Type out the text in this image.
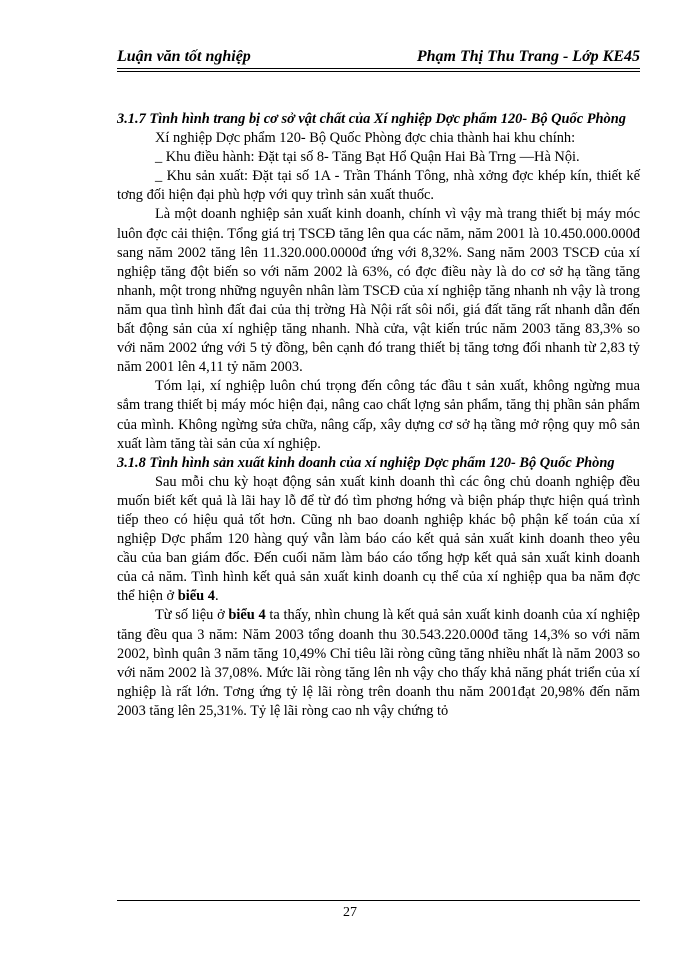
Luận văn tốt nghiệp	Phạm Thị Thu Trang - Lớp KE45
3.1.7 Tình hình trang bị cơ sở vật chất của Xí nghiệp Dợc phẩm 120- Bộ Quốc Phòng

Xí nghiệp Dợc phẩm 120- Bộ Quốc Phòng đợc chia thành hai khu chính:

_ Khu điều hành: Đặt tại số 8- Tăng Bạt Hổ Quận Hai Bà Trng —Hà Nội.

_ Khu sản xuất: Đặt tại số 1A - Trần Thánh Tông, nhà xởng đợc khép kín, thiết kế tơng đối hiện đại phù hợp với quy trình sản xuất thuốc.

Là một doanh nghiệp sản xuất kinh doanh, chính vì vậy mà trang thiết bị máy móc luôn đợc cải thiện. Tổng giá trị TSCĐ tăng lên qua các năm, năm 2001 là 10.450.000.000đ sang năm 2002 tăng lên 11.320.000.0000đ ứng với 8,32%. Sang năm 2003 TSCĐ của xí nghiệp tăng đột biến so với năm 2002 là 63%, có đợc điều này là do cơ sở hạ tầng tăng nhanh, một trong những nguyên nhân làm TSCĐ của xí nghiệp tăng nhanh nh vậy là trong năm qua tình hình đất đai của thị trờng Hà Nội rất sôi nổi, giá đất tăng rất nhanh dẫn đến bất động sản của xí nghiệp tăng nhanh. Nhà cửa, vật kiến trúc năm 2003 tăng 83,3% so với năm 2002 ứng với 5 tỷ đồng, bên cạnh đó trang thiết bị tăng tơng đối nhanh từ 2,83 tỷ năm 2001 lên 4,11 tỷ năm 2003.

Tóm lại, xí nghiệp luôn chú trọng đến công tác đầu t sản xuất, không ngừng mua sắm trang thiết bị máy móc hiện đại, nâng cao chất lợng sản phẩm, tăng thị phần sản phẩm của mình. Không ngừng sửa chữa, nâng cấp, xây dựng cơ sở hạ tầng mở rộng quy mô sản xuất làm tăng tài sản của xí nghiệp.

3.1.8 Tình hình sản xuất kinh doanh của xí nghiệp Dợc phẩm 120- Bộ Quốc Phòng

Sau mỗi chu kỳ hoạt động sản xuất kinh doanh thì các ông chủ doanh nghiệp đều muốn biết kết quả là lãi hay lỗ để từ đó tìm phơng hớng và biện pháp thực hiện quá trình tiếp theo có hiệu quả tốt hơn. Cũng nh bao doanh nghiệp khác bộ phận kế toán của xí nghiệp Dợc phẩm 120 hàng quý vẫn làm báo cáo kết quả sản xuất kinh doanh theo yêu cầu của ban giám đốc. Đến cuối năm làm báo cáo tổng hợp kết quả sản xuất kinh doanh của cả năm. Tình hình kết quả sản xuất kinh doanh cụ thể của xí nghiệp qua ba năm đợc thể hiện ở biểu 4.

Từ số liệu ở biểu 4 ta thấy, nhìn chung là kết quả sản xuất kinh doanh của xí nghiệp tăng đều qua 3 năm: Năm 2003 tổng doanh thu 30.543.220.000đ tăng 14,3% so với năm 2002, bình quân 3 năm tăng 10,49% Chỉ tiêu lãi ròng cũng tăng nhiều nhất là năm 2003 so với năm 2002 là 37,08%. Mức lãi ròng tăng lên nh vậy cho thấy khả năng phát triển của xí nghiệp là rất lớn. Tơng ứng tỷ lệ lãi ròng trên doanh thu năm 2001đạt 20,98% đến năm 2003 tăng lên 25,31%. Tỷ lệ lãi ròng cao nh vậy chứng tỏ

27
